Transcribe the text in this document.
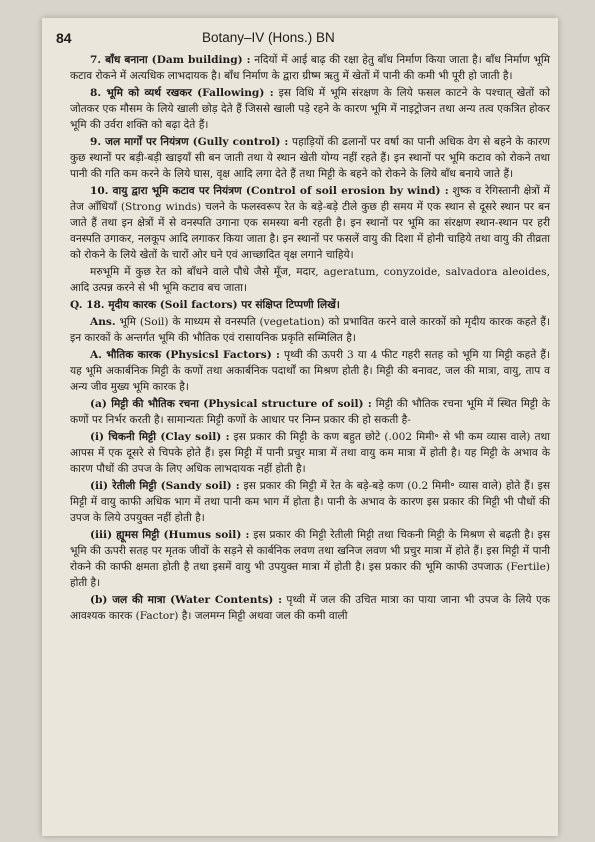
84	Botany–IV (Hons.) BN

7. बाँध बनाना (Dam building) : नदियों में आई बाढ़ की रक्षा हेतु बाँध निर्माण किया जाता है। बाँध निर्माण भूमि कटाव रोकने में अत्यधिक लाभदायक है। बाँध निर्माण के द्वारा ग्रीष्म ऋतु में खेतों में पानी की कमी भी पूरी हो जाती है।

8. भूमि को व्यर्थ रखकर (Fallowing) : इस विधि में भूमि संरक्षण के लिये फसल काटने के पश्चात् खेतों को जोतकर एक मौसम के लिये खाली छोड़ देते हैं जिससे खाली पड़े रहने के कारण भूमि में नाइट्रोजन तथा अन्य तत्व एकत्रित होकर भूमि की उर्वरा शक्ति को बढ़ा देते हैं।

9. जल मार्गों पर नियंत्रण (Gully control) : पहाड़ियों की ढलानों पर वर्षा का पानी अधिक वेग से बहने के कारण कुछ स्थानों पर बड़ी-बड़ी खाइयाँ सी बन जाती तथा ये स्थान खेती योग्य नहीं रहते हैं। इन स्थानों पर भूमि कटाव को रोकने तथा पानी की गति कम करने के लिये घास, वृक्ष आदि लगा देते हैं तथा मिट्टी के बहने को रोकने के लिये बाँध बनाये जाते हैं।

10. वायु द्वारा भूमि कटाव पर नियंत्रण (Control of soil erosion by wind) : शुष्क व रेगिस्तानी क्षेत्रों में तेज आँधियाँ (Strong winds) चलने के फलस्वरूप रेत के बड़े-बड़े टीले कुछ ही समय में एक स्थान से दूसरे स्थान पर बन जाते हैं तथा इन क्षेत्रों में से वनस्पति उगाना एक समस्या बनी रहती है। इन स्थानों पर भूमि का संरक्षण स्थान-स्थान पर हरी वनस्पति उगाकर, नलकूप आदि लगाकर किया जाता है। इन स्थानों पर फसलें वायु की दिशा में होनी चाहिये तथा वायु की तीव्रता को रोकने के लिये खेतों के चारों ओर घने एवं आच्छादित वृक्ष लगाने चाहिये।

मरुभूमि में कुछ रेत को बाँधने वाले पौधे जैसे मूँज, मदार, ageratum, conyzoide, salvadora aleoides, आदि उत्पन्न करने से भी भूमि कटाव बच जाता।

Q. 18. मृदीय कारक (Soil factors) पर संक्षिप्त टिप्पणी लिखें।

Ans. भूमि (Soil) के माध्यम से वनस्पति (vegetation) को प्रभावित करने वाले कारकों को मृदीय कारक कहते हैं। इन कारकों के अन्तर्गत भूमि की भौतिक एवं रासायनिक प्रकृति सम्मिलित है।

A. भौतिक कारक (Physicsl Factors) : पृथ्वी की ऊपरी 3 या 4 फीट गहरी सतह को भूमि या मिट्टी कहते हैं। यह भूमि अकार्बनिक मिट्टी के कणों तथा अकार्बनिक पदार्थों का मिश्रण होती है। मिट्टी की बनावट, जल की मात्रा, वायु, ताप व अन्य जीव मुख्य भूमि कारक है।

(a) मिट्टी की भौतिक रचना (Physical structure of soil) : मिट्टी की भौतिक रचना भूमि में स्थित मिट्टी के कणों पर निर्भर करती है। सामान्यतः मिट्टी कणों के आधार पर निम्न प्रकार की हो सकती है-

(i) चिकनी मिट्टी (Clay soil) : इस प्रकार की मिट्टी के कण बहुत छोटे (.002 मिमी॰ से भी कम व्यास वाले) तथा आपस में एक दूसरे से चिपके होते हैं। इस मिट्टी में पानी प्रचुर मात्रा में तथा वायु कम मात्रा में होती है। यह मिट्टी के अभाव के कारण पौधों की उपज के लिए अधिक लाभदायक नहीं होती है।

(ii) रेतीली मिट्टी (Sandy soil) : इस प्रकार की मिट्टी में रेत के बड़े-बड़े कण (0.2 मिमी॰ व्यास वाले) होते हैं। इस मिट्टी में वायु काफी अधिक भाग में तथा पानी कम भाग में होता है। पानी के अभाव के कारण इस प्रकार की मिट्टी भी पौधों की उपज के लिये उपयुक्त नहीं होती है।

(iii) ह्यूमस मिट्टी (Humus soil) : इस प्रकार की मिट्टी रेतीली मिट्टी तथा चिकनी मिट्टी के मिश्रण से बढ़ती है। इस भूमि की ऊपरी सतह पर मृतक जीवों के सड़ने से कार्बनिक लवण तथा खनिज लवण भी प्रचुर मात्रा में होते हैं। इस मिट्टी में पानी रोकने की काफी क्षमता होती है तथा इसमें वायु भी उपयुक्त मात्रा में होती है। इस प्रकार की भूमि काफी उपजाऊ (Fertile) होती है।

(b) जल की मात्रा (Water Contents) : पृथ्वी में जल की उचित मात्रा का पाया जाना भी उपज के लिये एक आवश्यक कारक (Factor) है। जलमग्न मिट्टी अथवा जल की कमी वाली
